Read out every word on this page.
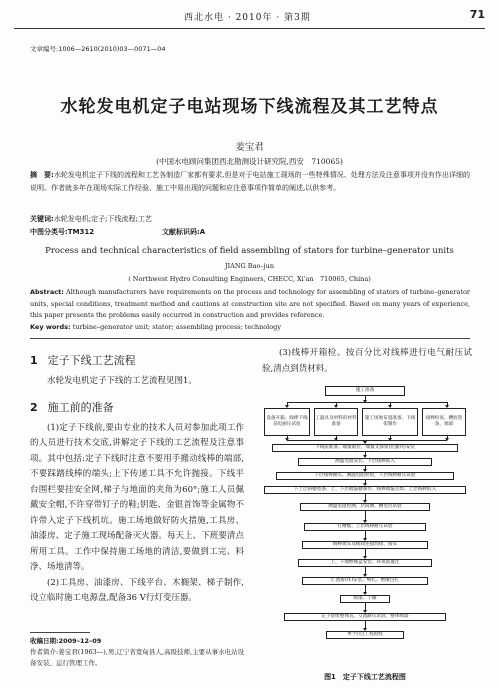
西北水电 · 2010年 · 第3期	71
文章编号:1006—2610(2010)03—0071—04
水轮发电机定子电站现场下线流程及其工艺特点
姜宝君
(中国水电顾问集团西北勘测设计研究院,西安　710065)
摘　要:水轮发电机定子下线的流程和工艺各制造厂家都有要求,但是对于电站施工现场的一些特殊情况、处理方法及注意事项并没有作出详细的说明。作者就多年在现场实际工作经验、施工中易出现的问题和应注意事项作简单的阐述,以供参考。
关键词:水轮发电机;定子;下线流程;工艺
中图分类号:TM312	文献标识码:A
Process and technical characteristics of field assembling of stators for turbine–generator units
JIANG Bao–jun
( Northwest Hydro Consulting Engineers, CHECC, Xi'an　710065, China)
Abstract: Although manufacturers have requirements on the process and technology for assembling of stators of turbine–generator units, special conditions, treatment method and cautions at construction site are not specified. Based on many years of experience, this paper presents the problems easily occurred in construction and provides reference.
Key words: turbine–generator unit; stator; assembling process; technology
1 定子下线工艺流程

水轮发电机定子下线的工艺流程见图1。

2 施工前的准备

(1)定子下线前,要由专业的技术人员对参加此项工作的人员进行技术交底,讲解定子下线的工艺流程及注意事项。其中包括:定子下线时注意不要用手搬动线棒的端部,不要踩踏线棒的端头;上下传递工具不允许抛接。下线平台围栏要挂安全网,梯子与地面的夹角为60°;施工人员佩戴安全帽,不许穿带钉子的鞋;钥匙、金银首饰等金属物不许带入定子下线机坑。施工场地做好防火措施,工具房、油漆房、定子施工现场配备灭火器。每天上、下班要清点所用工具。工作中保持施工场地的清洁,要做到工完、料净、场地清等。

(2)工具房、油漆房、下线平台、木搁架、梯子制作,设立临时施工电源盘,配备36 V行灯变压器。

收稿日期:2009–12–09
作者简介:姜宝君(1963—),男,辽宁省宽甸县人,高级技师,主要从事水电站设备安装、运行管理工作。

(3)线棒开箱检。按百分比对线棒进行电气耐压试验,清点到货材料。

施工准备
设备开箱、线棒下线前电耐压试验
工器具及材料的材料准备
施工场地布置准备、下线架制作
线棒检查、槽底垫条、端部
下线前准备、端箍就位、端箍支撑架(托腿块)安装
测温电阻安装、下层线棒嵌入
下层线棒耐压、测温电阻检验、下层线棒耐压试验
下上层斜楔垫条、上、下层端箍腱制作、线棒端箍点焊、上层线棒嵌入
测温电阻检测、层间测、槽电位试验
打槽楔、上层线棒耐压试验
线棒端头及极间连接焊接、接头
上、下端绝缘盒安装、环氧胶灌注
汇流排(环)安装、绑扎、绝缘包扎
喷漆、干燥
定子绕组整体直、交流耐压试验、整体喷漆
单个(元)工程验收
图1　定子下线工艺流程图
